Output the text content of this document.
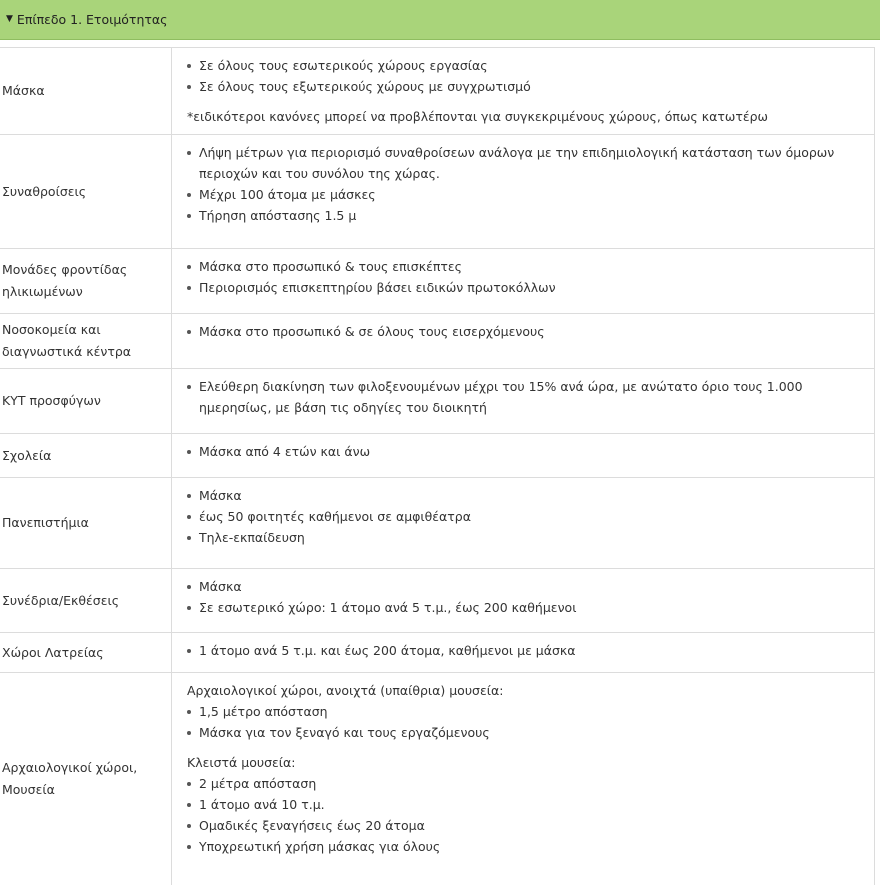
▼ Επίπεδο 1. Ετοιμότητας
Μάσκα
Σε όλους τους εσωτερικούς χώρους εργασίας
Σε όλους τους εξωτερικούς χώρους με συγχρωτισμό

*ειδικότεροι κανόνες μπορεί να προβλέπονται για συγκεκριμένους χώρους, όπως κατωτέρω

Συναθροίσεις
Λήψη μέτρων για περιορισμό συναθροίσεων ανάλογα με την επιδημιολογική κατάσταση των όμορων περιοχών και του συνόλου της χώρας.
Μέχρι 100 άτομα με μάσκες
Τήρηση απόστασης 1.5 μ
Μονάδες φροντίδας ηλικιωμένων
Μάσκα στο προσωπικό & τους επισκέπτες
Περιορισμός επισκεπτηρίου βάσει ειδικών πρωτοκόλλων
Νοσοκομεία και διαγνωστικά κέντρα
Μάσκα στο προσωπικό & σε όλους τους εισερχόμενους
ΚΥΤ προσφύγων
Ελεύθερη διακίνηση των φιλοξενουμένων μέχρι του 15% ανά ώρα, με ανώτατο όριο τους 1.000 ημερησίως, με βάση τις οδηγίες του διοικητή
Σχολεία	Μάσκα από 4 ετών και άνω
Πανεπιστήμια
Μάσκα
έως 50 φοιτητές καθήμενοι σε αμφιθέατρα
Τηλε-εκπαίδευση
Συνέδρια/Εκθέσεις
Μάσκα
Σε εσωτερικό χώρο: 1 άτομο ανά 5 τ.μ., έως 200 καθήμενοι
Χώροι Λατρείας	1 άτομο ανά 5 τ.μ. και έως 200 άτομα, καθήμενοι με μάσκα
Αρχαιολογικοί χώροι, Μουσεία

Αρχαιολογικοί χώροι, ανοιχτά (υπαίθρια) μουσεία:

1,5 μέτρο απόσταση
Μάσκα για τον ξεναγό και τους εργαζόμενους

Κλειστά μουσεία:

2 μέτρα απόσταση
1 άτομο ανά 10 τ.μ.
Ομαδικές ξεναγήσεις έως 20 άτομα
Υποχρεωτική χρήση μάσκας για όλους
